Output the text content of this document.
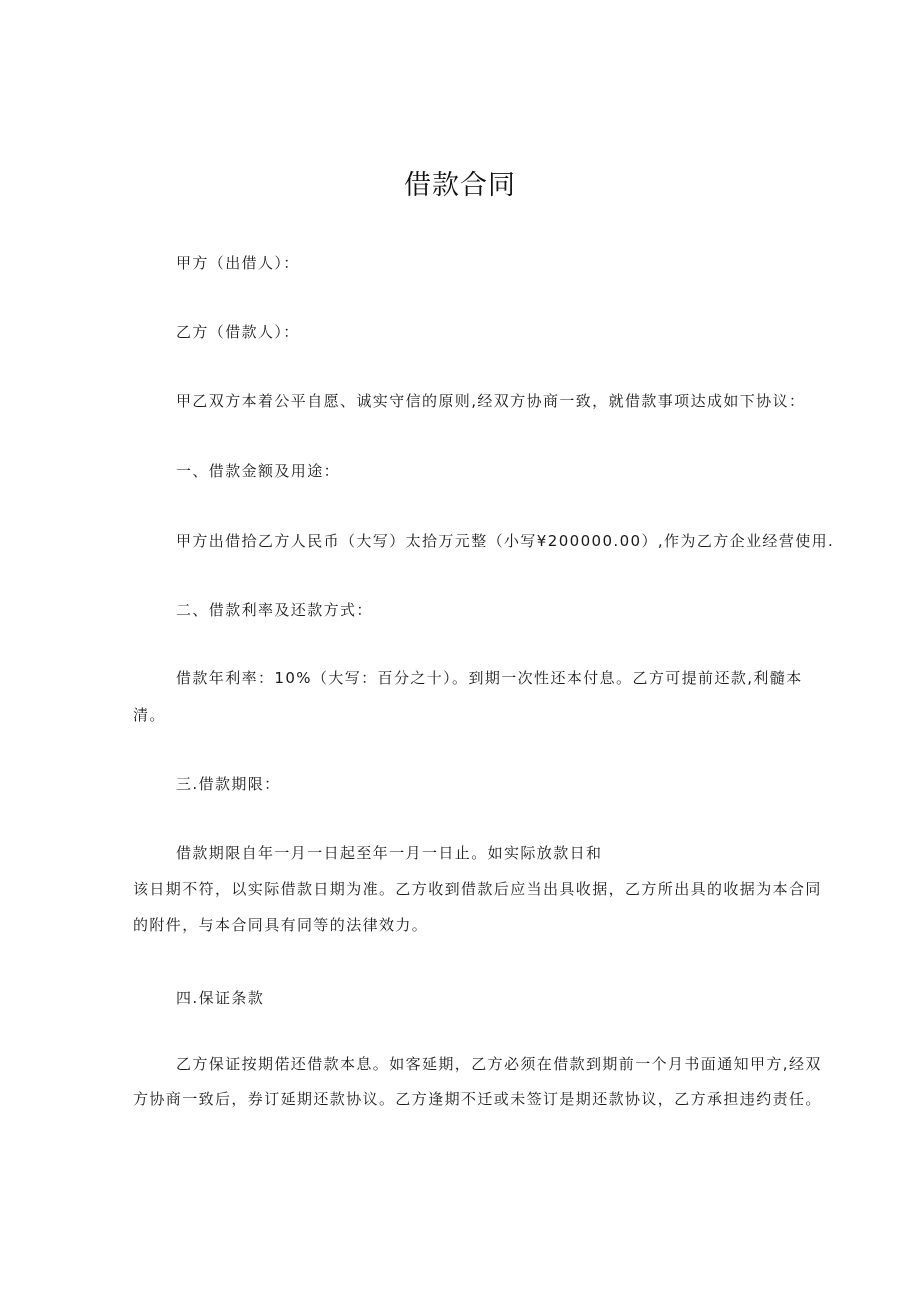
借款合同
甲方（出借人）：
乙方（借款人）：
甲乙双方本着公平自愿、诚实守信的原则,经双方协商一致，就借款事项达成如下协议：
一、借款金额及用途：
甲方出借拾乙方人民币（大写）太拾万元整（小写¥200000.00）,作为乙方企业经营使用.
二、借款利率及还款方式：
借款年利率：10%（大写：百分之十）。到期一次性还本付息。乙方可提前还款,利髓本
清。
三.借款期限：
借款期限自年一月一日起至年一月一日止。如实际放款日和
该日期不符，以实际借款日期为准。乙方收到借款后应当出具收据，乙方所出具的收据为本合同
的附件，与本合同具有同等的法律效力。
四.保证条款
乙方保证按期偌还借款本息。如客延期，乙方必须在借款到期前一个月书面通知甲方,经双
方协商一致后，券订延期还款协议。乙方逢期不迁或未签订是期还款协议，乙方承担违约责任。
